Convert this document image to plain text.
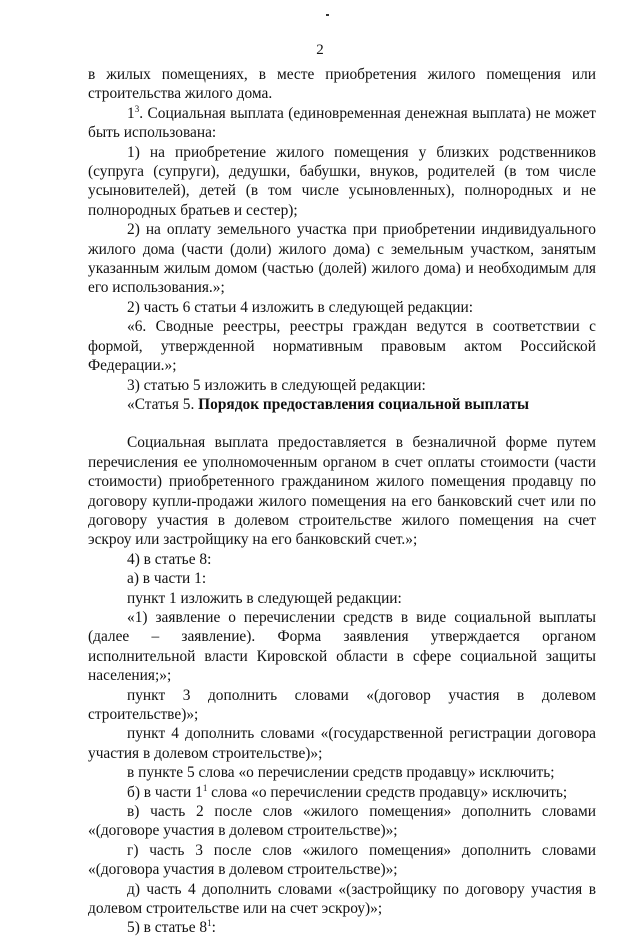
2

в жилых помещениях, в месте приобретения жилого помещения или строительства жилого дома.

$1^3$. Социальная выплата (единовременная денежная выплата) не может быть использована:

1) на приобретение жилого помещения у близких родственников (супруга (супруги), дедушки, бабушки, внуков, родителей (в том числе усыновителей), детей (в том числе усыновленных), полнородных и не полнородных братьев и сестер);

2) на оплату земельного участка при приобретении индивидуального жилого дома (части (доли) жилого дома) с земельным участком, занятым указанным жилым домом (частью (долей) жилого дома) и необходимым для его использования.»;

2) часть 6 статьи 4 изложить в следующей редакции:

«6. Сводные реестры, реестры граждан ведутся в соответствии с формой, утвержденной нормативным правовым актом Российской Федерации.»;

3) статью 5 изложить в следующей редакции:

«Статья 5. Порядок предоставления социальной выплаты

Социальная выплата предоставляется в безналичной форме путем перечисления ее уполномоченным органом в счет оплаты стоимости (части стоимости) приобретенного гражданином жилого помещения продавцу по договору купли-продажи жилого помещения на его банковский счет или по договору участия в долевом строительстве жилого помещения на счет эскроу или застройщику на его банковский счет.»;

4) в статье 8:

а) в части 1:

пункт 1 изложить в следующей редакции:

«1) заявление о перечислении средств в виде социальной выплаты (далее – заявление). Форма заявления утверждается органом исполнительной власти Кировской области в сфере социальной защиты населения;»;

пункт 3 дополнить словами «(договор участия в долевом строительстве)»;

пункт 4 дополнить словами «(государственной регистрации договора участия в долевом строительстве)»;

в пункте 5 слова «о перечислении средств продавцу» исключить;

б) в части $1^1$ слова «о перечислении средств продавцу» исключить;

в) часть 2 после слов «жилого помещения» дополнить словами «(договоре участия в долевом строительстве)»;

г) часть 3 после слов «жилого помещения» дополнить словами «(договора участия в долевом строительстве)»;

д) часть 4 дополнить словами «(застройщику по договору участия в долевом строительстве или на счет эскроу)»;

5) в статье $8^1$:
